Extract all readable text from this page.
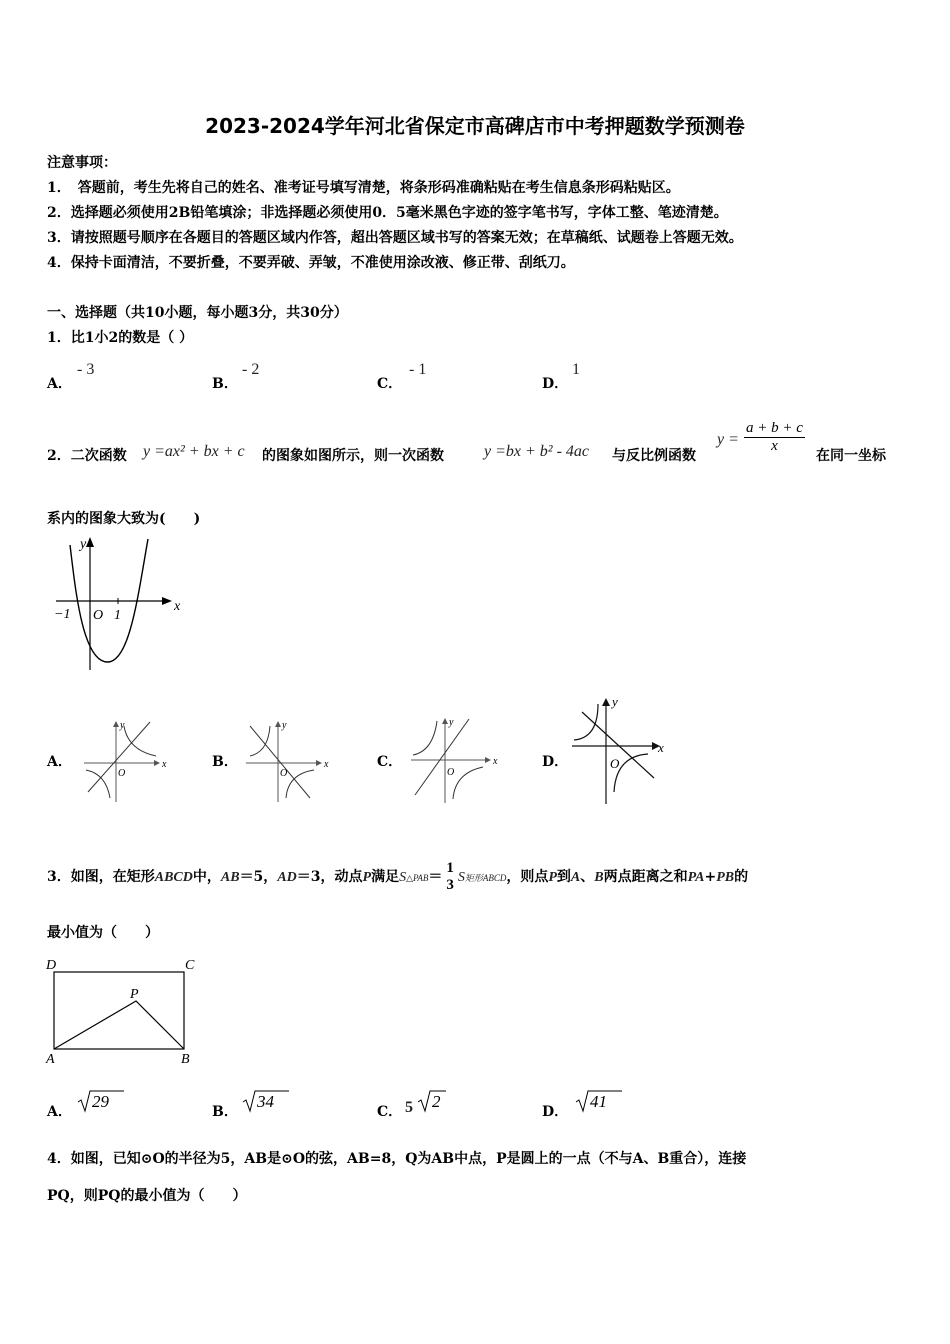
2023-2024学年河北省保定市高碑店市中考押题数学预测卷
注意事项：
1．　答题前，考生先将自己的姓名、准考证号填写清楚，将条形码准确粘贴在考生信息条形码粘贴区。
2．选择题必须使用2B铅笔填涂；非选择题必须使用0．5毫米黑色字迹的签字笔书写，字体工整、笔迹清楚。
3．请按照题号顺序在各题目的答题区域内作答，超出答题区域书写的答案无效；在草稿纸、试题卷上答题无效。
4．保持卡面清洁，不要折叠，不要弄破、弄皱，不准使用涂改液、修正带、刮纸刀。
一、选择题（共10小题，每小题3分，共30分）
1．比1小2的数是（ ）
A．
- 3
B．
- 2
C．
- 1
D．
1
2．二次函数 y =ax² + bx + c 的图象如图所示，则一次函数	y =bx + b² - 4ac 与反比例函数
$y = \frac{a + b + c}{x}$
在同一坐标
系内的图象大致为(　　)
x
y
−1 O 1
A．
y
x
O
B．
y
x
O
C．
y
x
O
D．
y
x
O
3．如图，在矩形ABCD中，AB＝5，AD＝3，动点P满足S△PAB＝
1
3 S矩形ABCD，则点P到A、B两点距离之和PA+PB的
最小值为（　　）
D	C
P
A	B
A．
29
B．
34
C． 5 2
D．
41
4．如图，已知⊙O的半径为5，AB是⊙O的弦，AB=8，Q为AB中点，P是圆上的一点（不与A、B重合），连接
PQ，则PQ的最小值为（　　）
